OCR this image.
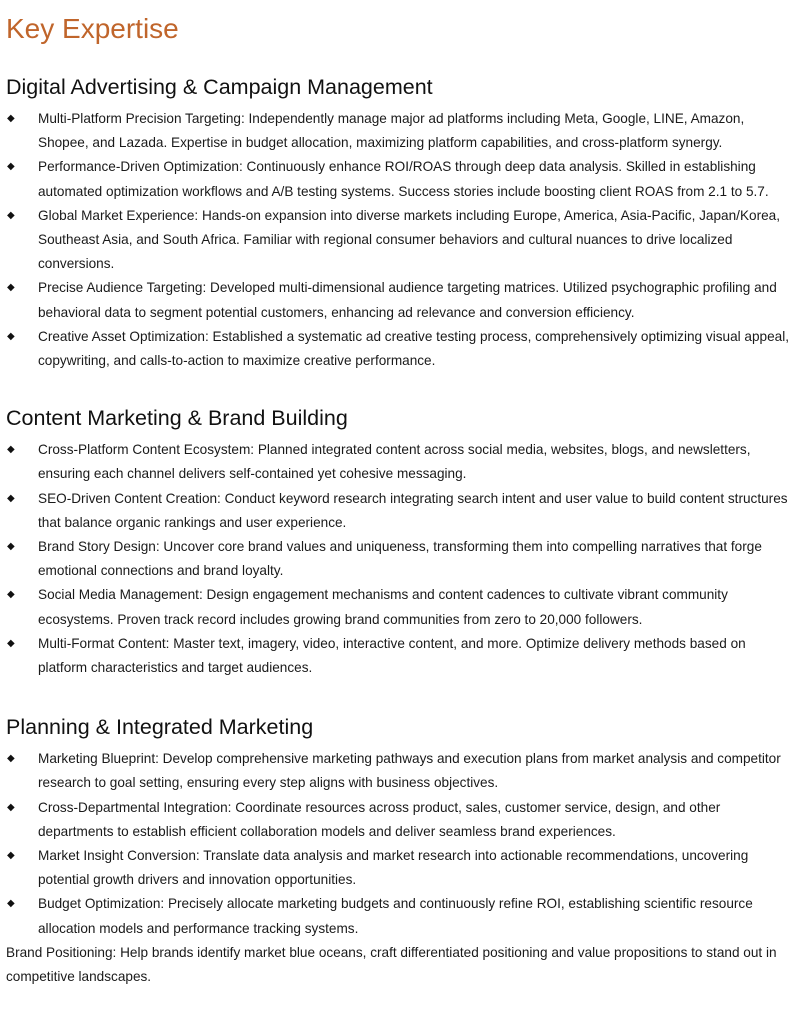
Key Expertise
Digital Advertising & Campaign Management
◆ Multi-Platform Precision Targeting: Independently manage major ad platforms including Meta, Google, LINE, Amazon, Shopee, and Lazada. Expertise in budget allocation, maximizing platform capabilities, and cross-platform synergy.
◆ Performance-Driven Optimization: Continuously enhance ROI/ROAS through deep data analysis. Skilled in establishing automated optimization workflows and A/B testing systems. Success stories include boosting client ROAS from 2.1 to 5.7.
◆ Global Market Experience: Hands-on expansion into diverse markets including Europe, America, Asia-Pacific, Japan/Korea, Southeast Asia, and South Africa. Familiar with regional consumer behaviors and cultural nuances to drive localized conversions.
◆ Precise Audience Targeting: Developed multi-dimensional audience targeting matrices. Utilized psychographic profiling and behavioral data to segment potential customers, enhancing ad relevance and conversion efficiency.
◆ Creative Asset Optimization: Established a systematic ad creative testing process, comprehensively optimizing visual appeal, copywriting, and calls-to-action to maximize creative performance.
Content Marketing & Brand Building
◆ Cross-Platform Content Ecosystem: Planned integrated content across social media, websites, blogs, and newsletters, ensuring each channel delivers self-contained yet cohesive messaging.
◆ SEO-Driven Content Creation: Conduct keyword research integrating search intent and user value to build content structures that balance organic rankings and user experience.
◆ Brand Story Design: Uncover core brand values and uniqueness, transforming them into compelling narratives that forge emotional connections and brand loyalty.
◆ Social Media Management: Design engagement mechanisms and content cadences to cultivate vibrant community ecosystems. Proven track record includes growing brand communities from zero to 20,000 followers.
◆ Multi-Format Content: Master text, imagery, video, interactive content, and more. Optimize delivery methods based on platform characteristics and target audiences.
Planning & Integrated Marketing
◆ Marketing Blueprint: Develop comprehensive marketing pathways and execution plans from market analysis and competitor research to goal setting, ensuring every step aligns with business objectives.
◆ Cross-Departmental Integration: Coordinate resources across product, sales, customer service, design, and other departments to establish efficient collaboration models and deliver seamless brand experiences.
◆ Market Insight Conversion: Translate data analysis and market research into actionable recommendations, uncovering potential growth drivers and innovation opportunities.
◆ Budget Optimization: Precisely allocate marketing budgets and continuously refine ROI, establishing scientific resource allocation models and performance tracking systems.

Brand Positioning: Help brands identify market blue oceans, craft differentiated positioning and value propositions to stand out in competitive landscapes.
